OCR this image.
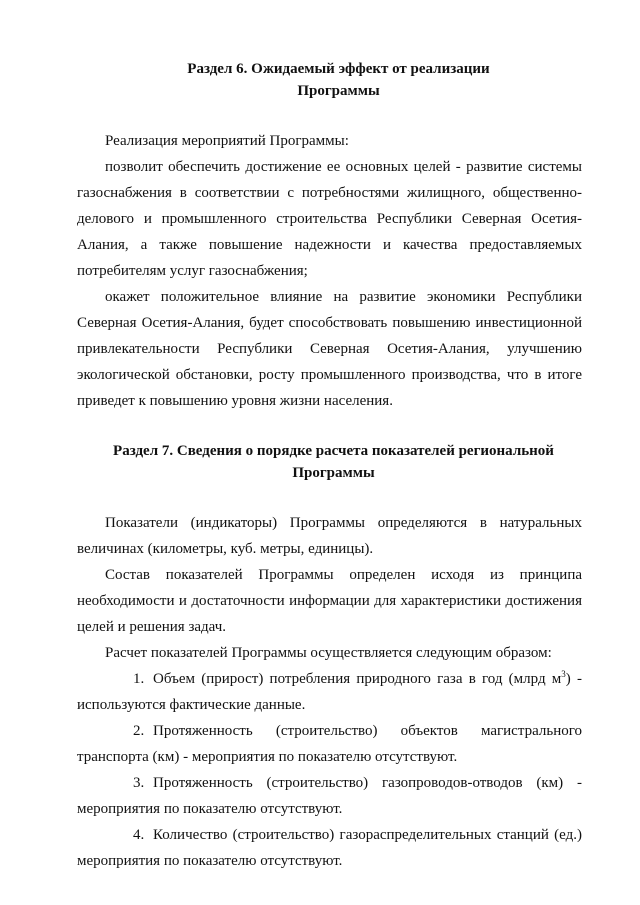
Раздел 6. Ожидаемый эффект от реализации
Программы

Реализация мероприятий Программы:

позволит обеспечить достижение ее основных целей - развитие системы газоснабжения в соответствии с потребностями жилищного, общественно-делового и промышленного строительства Республики Северная Осетия-Алания, а также повышение надежности и качества предоставляемых потребителям услуг газоснабжения;

окажет положительное влияние на развитие экономики Республики Северная Осетия-Алания, будет способствовать повышению инвестиционной привлекательности Республики Северная Осетия-Алания, улучшению экологической обстановки, росту промышленного производства, что в итоге приведет к повышению уровня жизни населения.

Раздел 7. Сведения о порядке расчета показателей региональной
Программы

Показатели (индикаторы) Программы определяются в натуральных величинах (километры, куб. метры, единицы).

Состав показателей Программы определен исходя из принципа необходимости и достаточности информации для характеристики достижения целей и решения задач.

Расчет показателей Программы осуществляется следующим образом:

1. Объем (прирост) потребления природного газа в год (млрд $м^3$) - используются фактические данные.

2. Протяженность (строительство) объектов магистрального транспорта (км) - мероприятия по показателю отсутствуют.

3. Протяженность (строительство) газопроводов-отводов (км) - мероприятия по показателю отсутствуют.

4. Количество (строительство) газораспределительных станций (ед.) мероприятия по показателю отсутствуют.
